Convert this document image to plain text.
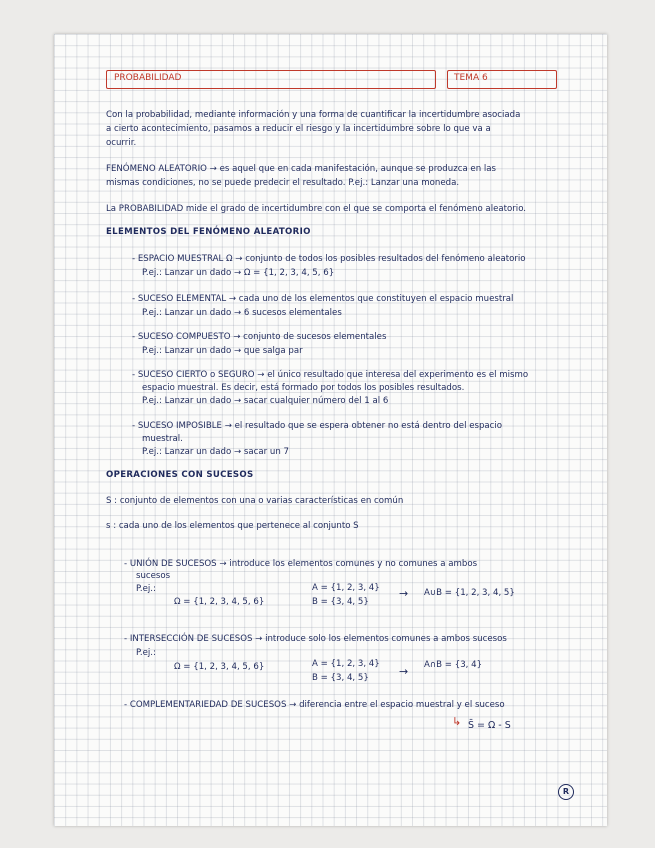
PROBABILIDAD	TEMA 6
Con la probabilidad, mediante información y una forma de cuantificar la incertidumbre asociada
a cierto acontecimiento, pasamos a reducir el riesgo y la incertidumbre sobre lo que va a
ocurrir.
FENÓMENO ALEATORIO → es aquel que en cada manifestación, aunque se produzca en las
mismas condiciones, no se puede predecir el resultado. P.ej.: Lanzar una moneda.
La PROBABILIDAD mide el grado de incertidumbre con el que se comporta el fenómeno aleatorio.
ELEMENTOS DEL FENÓMENO ALEATORIO
- ESPACIO MUESTRAL Ω → conjunto de todos los posibles resultados del fenómeno aleatorio
P.ej.: Lanzar un dado → Ω = {1, 2, 3, 4, 5, 6}
- SUCESO ELEMENTAL → cada uno de los elementos que constituyen el espacio muestral
P.ej.: Lanzar un dado → 6 sucesos elementales
- SUCESO COMPUESTO → conjunto de sucesos elementales
P.ej.: Lanzar un dado → que salga par
- SUCESO CIERTO o SEGURO → el único resultado que interesa del experimento es el mismo
espacio muestral. Es decir, está formado por todos los posibles resultados.
P.ej.: Lanzar un dado → sacar cualquier número del 1 al 6
- SUCESO IMPOSIBLE → el resultado que se espera obtener no está dentro del espacio
muestral.
P.ej.: Lanzar un dado → sacar un 7
OPERACIONES CON SUCESOS
S : conjunto de elementos con una o varias características en común
s : cada uno de los elementos que pertenece al conjunto S
- UNIÓN DE SUCESOS → introduce los elementos comunes y no comunes a ambos
sucesos
P.ej.:
Ω = {1, 2, 3, 4, 5, 6}
A = {1, 2, 3, 4}
B = {3, 4, 5}
→ A∪B = {1, 2, 3, 4, 5}
- INTERSECCIÓN DE SUCESOS → introduce solo los elementos comunes a ambos sucesos
P.ej.:
Ω = {1, 2, 3, 4, 5, 6}	A = {1, 2, 3, 4}
B = {3, 4, 5}	→ A∩B = {3, 4}
- COMPLEMENTARIEDAD DE SUCESOS → diferencia entre el espacio muestral y el suceso
↳ S̄ = Ω - S
R
